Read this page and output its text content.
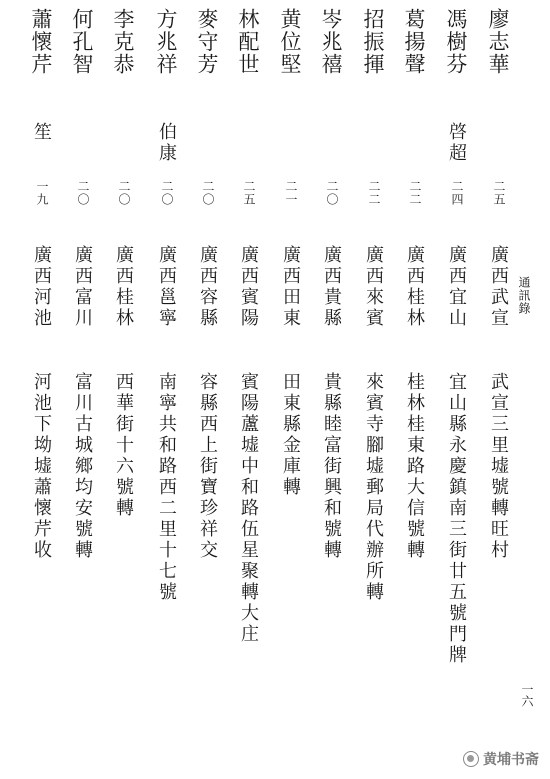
通訊錄
一六
廖志華
二五
廣西武宣
武宣三里墟號轉旺村
馮樹芬
啓超
二四
廣西宜山
宜山縣永慶鎮南三街廿五號門牌
葛揚聲
二二
廣西桂林
桂林桂東路大信號轉
招振揮
二二
廣西來賓
來賓寺腳墟郵局代辦所轉
岑兆禧
二〇
廣西貴縣
貴縣睦富街興和號轉
黄位堅
二一
廣西田東
田東縣金庫轉
林配世
二五
廣西賓陽
賓陽蘆墟中和路伍星聚轉大庄
麥守芳
二〇
廣西容縣
容縣西上街寶珍祥交
方兆祥
伯康
二〇
廣西邕寧
南寧共和路西二里十七號
李克恭
二〇
廣西桂林
西華街十六號轉
何孔智
二〇
廣西富川
富川古城鄉均安號轉
蕭懷芹
笙
一九
廣西河池
河池下坳墟蕭懷芹收
黄埔书斋
